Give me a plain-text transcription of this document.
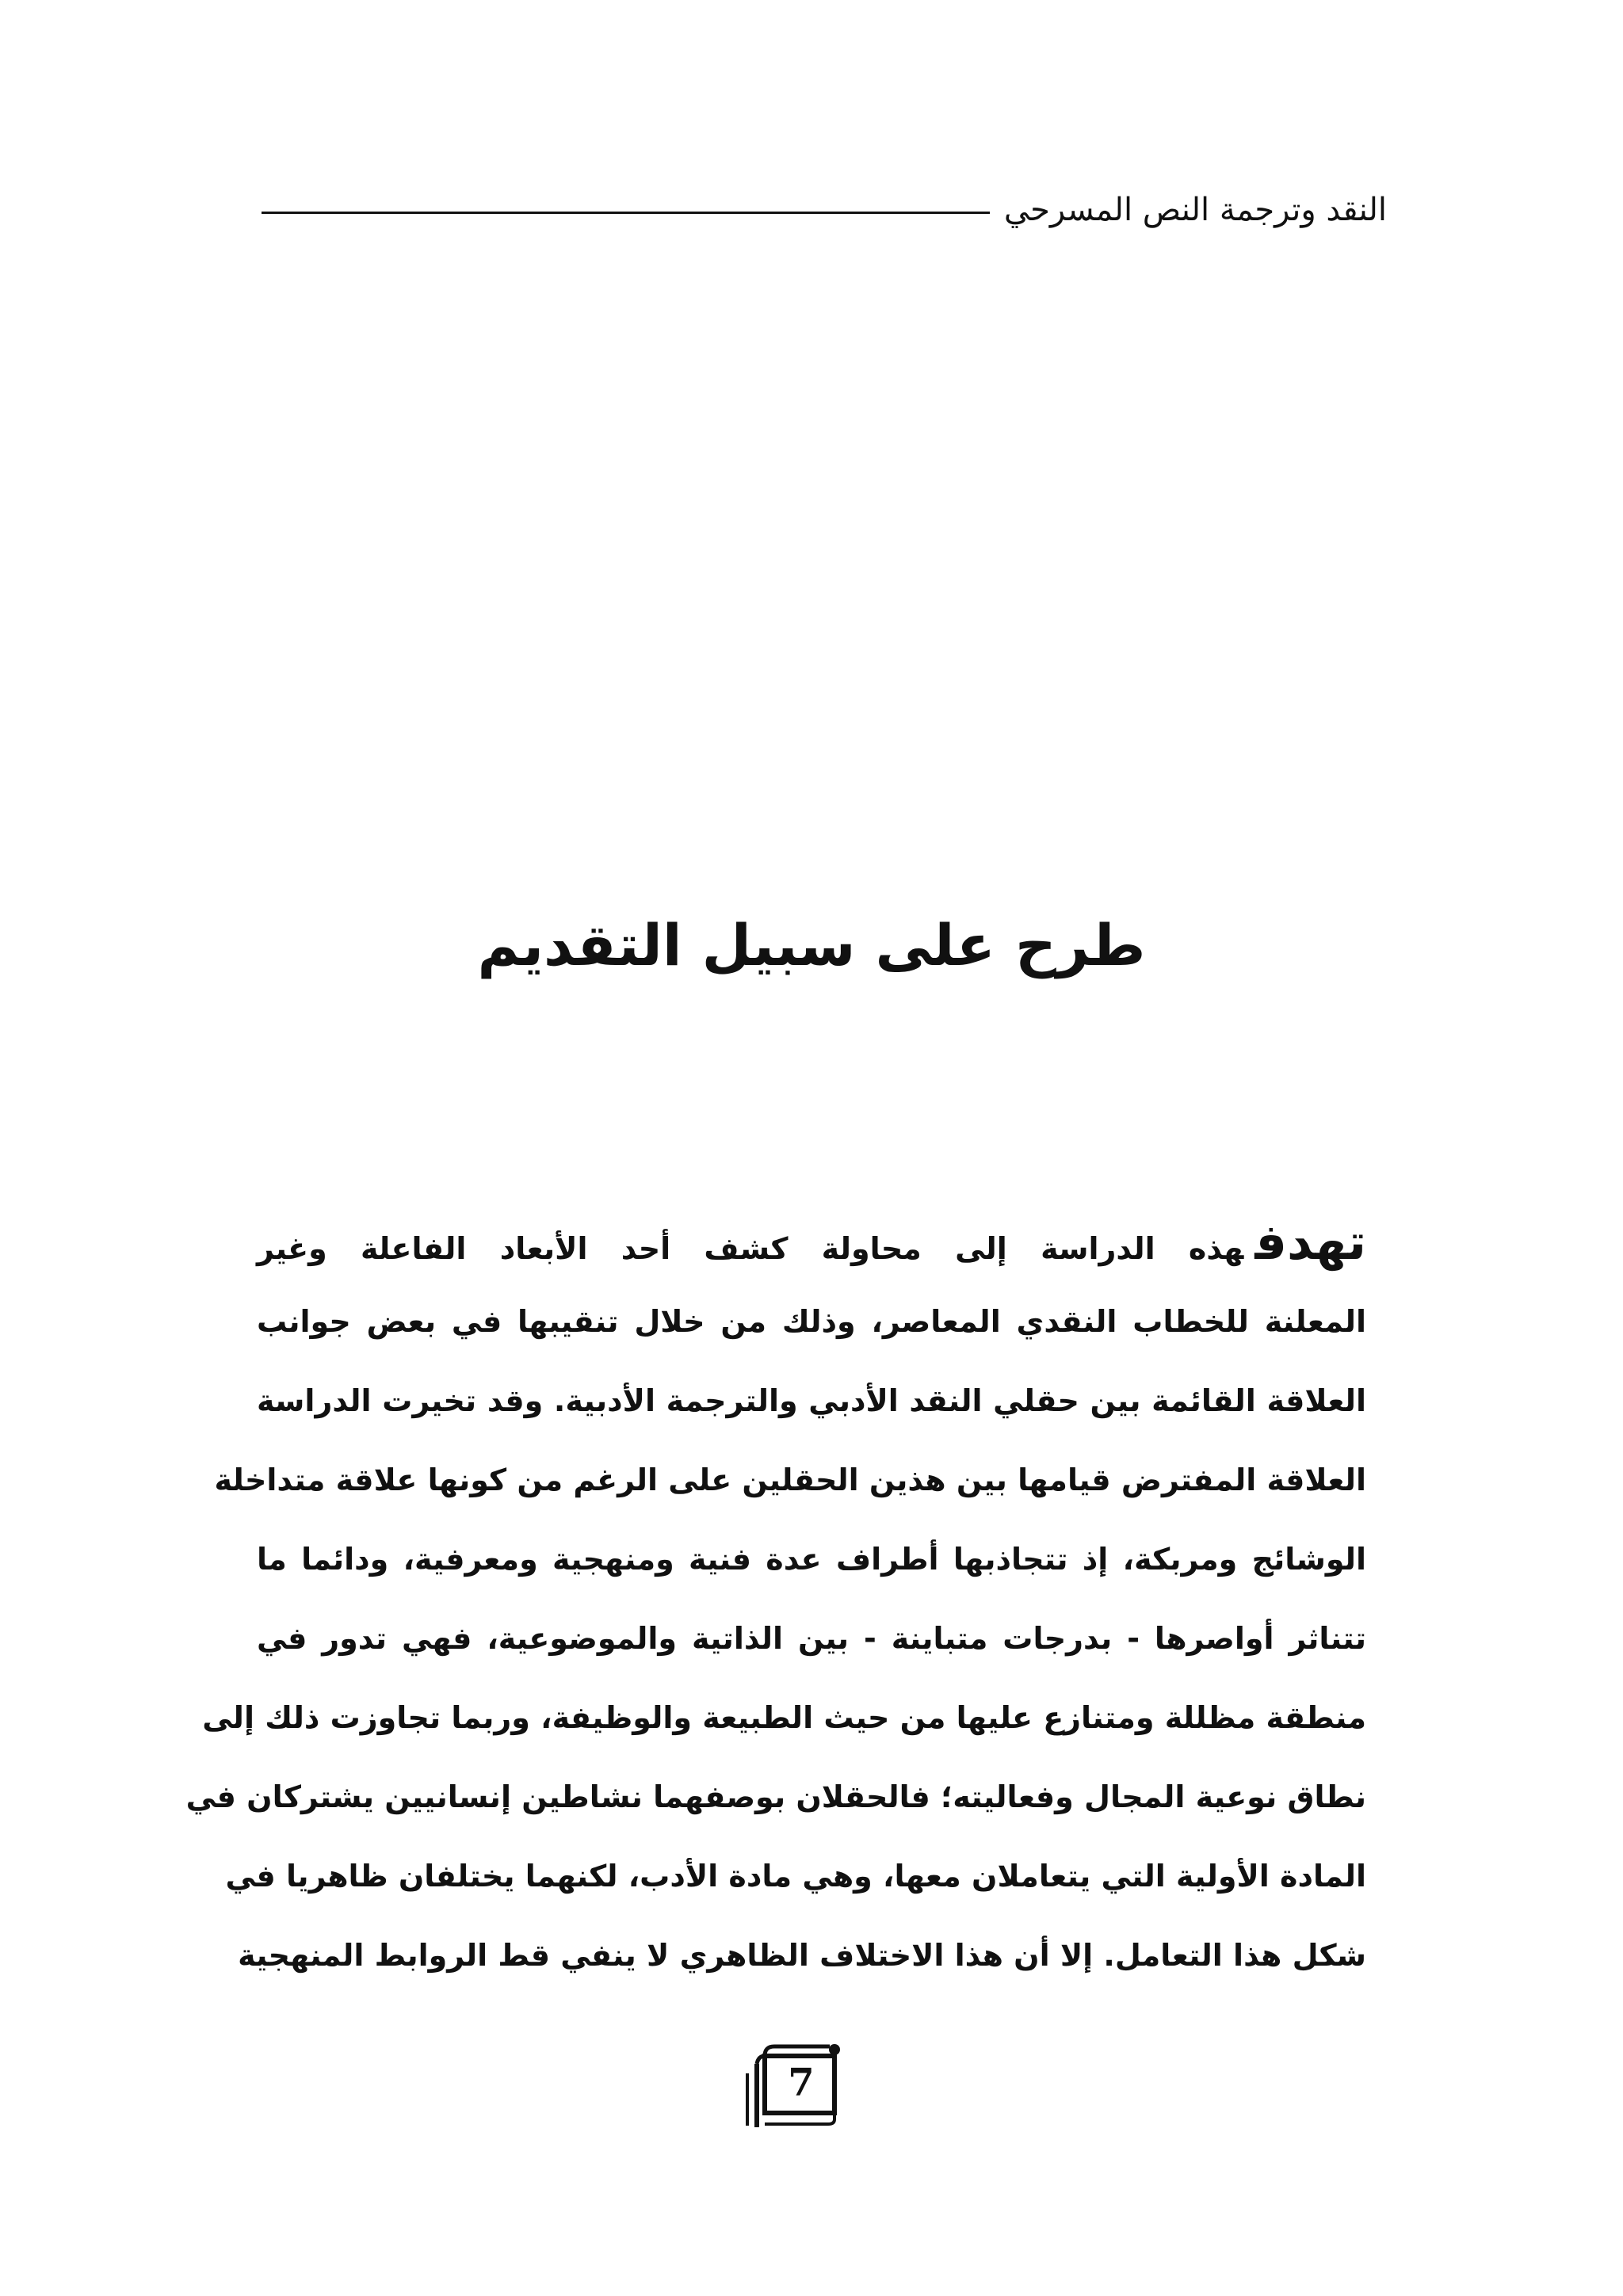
النقد وترجمة النص المسرحي
طرح على سبيل التقديم
تهدفهذه الدراسة إلى محاولة كشف أحد الأبعاد الفاعلة وغير
المعلنة للخطاب النقدي المعاصر، وذلك من خلال تنقيبها في بعض جوانب
العلاقة القائمة بين حقلي النقد الأدبي والترجمة الأدبية. وقد تخيرت الدراسة
العلاقة المفترض قيامها بين هذين الحقلين على الرغم من كونها علاقة متداخلة
الوشائج ومربكة، إذ تتجاذبها أطراف عدة فنية ومنهجية ومعرفية، ودائما ما
تتناثر أواصرها - بدرجات متباينة - بين الذاتية والموضوعية، فهي تدور في
منطقة مظللة ومتنازع عليها من حيث الطبيعة والوظيفة، وربما تجاوزت ذلك إلى
نطاق نوعية المجال وفعاليته؛ فالحقلان بوصفهما نشاطين إنسانيين يشتركان في
المادة الأولية التي يتعاملان معها، وهي مادة الأدب، لكنهما يختلفان ظاهريا في
شكل هذا التعامل. إلا أن هذا الاختلاف الظاهري لا ينفي قط الروابط المنهجية
7
